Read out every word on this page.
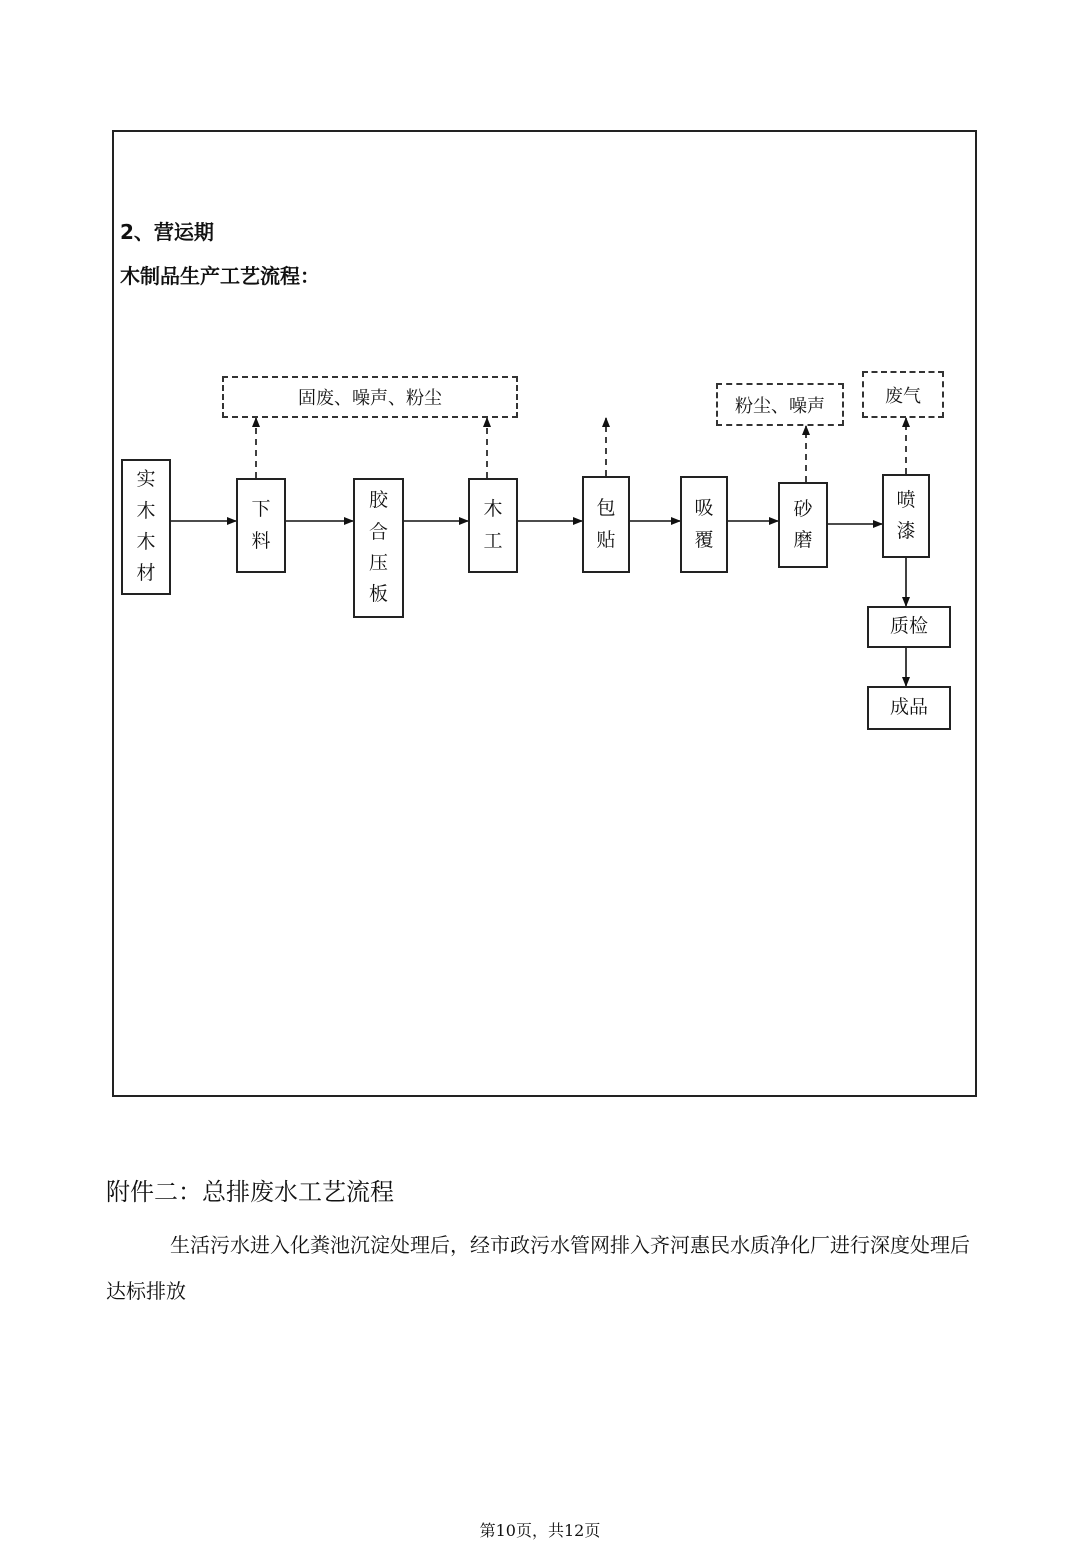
2、营运期
木制品生产工艺流程：
固废、噪声、粉尘	粉尘、噪声	废气
实
木
木
材
下
料
胶
合
压
板
木
工
包
贴
吸
覆
砂
磨
喷
漆
质检
成品
附件二：总排废水工艺流程
生活污水进入化粪池沉淀处理后，经市政污水管网排入齐河惠民水质净化厂进行深度处理后达标排放
第10页，共12页
